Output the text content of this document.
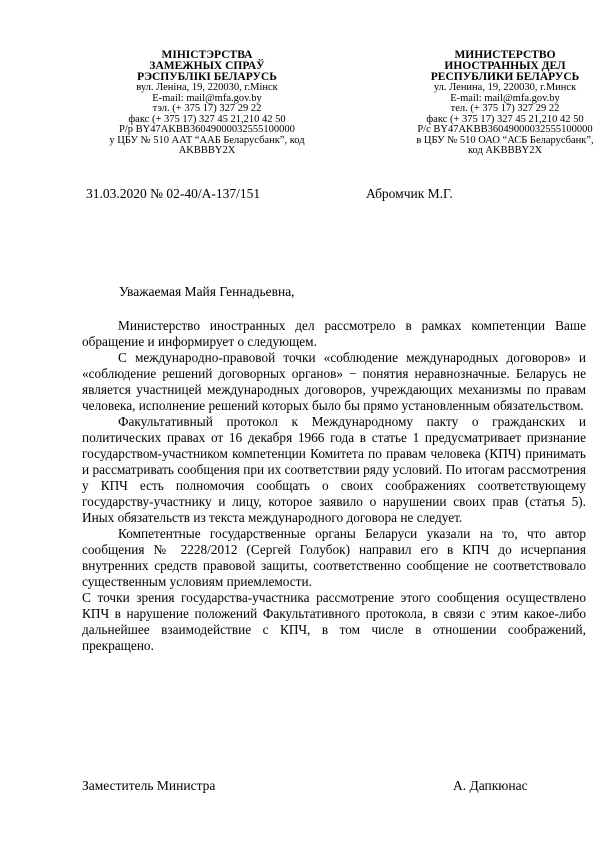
МІНІСТЭРСТВА
ЗАМЕЖНЫХ СПРАЎ
РЭСПУБЛІКІ БЕЛАРУСЬ
вул. Леніна, 19, 220030, г.Мінск
E-mail: mail@mfa.gov.by
тэл. (+ 375 17) 327 29 22
факс (+ 375 17) 327 45 21,210 42 50
Р/р BY47AKBB36049000032555100000
у ЦБУ № 510 ААТ “ААБ Беларусбанк”, код
AKBBBY2X
МИНИСТЕРСТВО
ИНОСТРАННЫХ ДЕЛ
РЕСПУБЛИКИ БЕЛАРУСЬ
ул. Ленина, 19, 220030, г.Минск
E-mail: mail@mfa.gov.by
тел. (+ 375 17) 327 29 22
факс (+ 375 17) 327 45 21,210 42 50
Р/с BY47AKBB36049000032555100000
в ЦБУ № 510 ОАО “АСБ Беларусбанк”,
код AKBBBY2X
31.03.2020 № 02-40/А-137/151	Абромчик М.Г.
Уважаемая Майя Геннадьевна,

Министерство иностранных дел рассмотрело в рамках компетенции Ваше обращение и информирует о следующем.

С международно-правовой точки «соблюдение международных договоров» и «соблюдение решений договорных органов» − понятия неравнозначные. Беларусь не является участницей международных договоров, учреждающих механизмы по правам человека, исполнение решений которых было бы прямо установленным обязательством.

Факультативный протокол к Международному пакту о гражданских и политических правах от 16 декабря 1966 года в статье 1 предусматривает признание государством-участником компетенции Комитета по правам человека (КПЧ) принимать и рассматривать сообщения при их соответствии ряду условий. По итогам рассмотрения у КПЧ есть полномочия сообщать о своих соображениях соответствующему государству-участнику и лицу, которое заявило о нарушении своих прав (статья 5). Иных обязательств из текста международного договора не следует.

Компетентные государственные органы Беларуси указали на то, что автор сообщения № 2228/2012 (Сергей Голубок) направил его в КПЧ до исчерпания внутренних средств правовой защиты, соответственно сообщение не соответствовало существенным условиям приемлемости.

С точки зрения государства-участника рассмотрение этого сообщения осуществлено КПЧ в нарушение положений Факультативного протокола, в связи с этим какое-либо дальнейшее взаимодействие с КПЧ, в том числе в отношении соображений, прекращено.

Заместитель Министра	А. Дапкюнас
